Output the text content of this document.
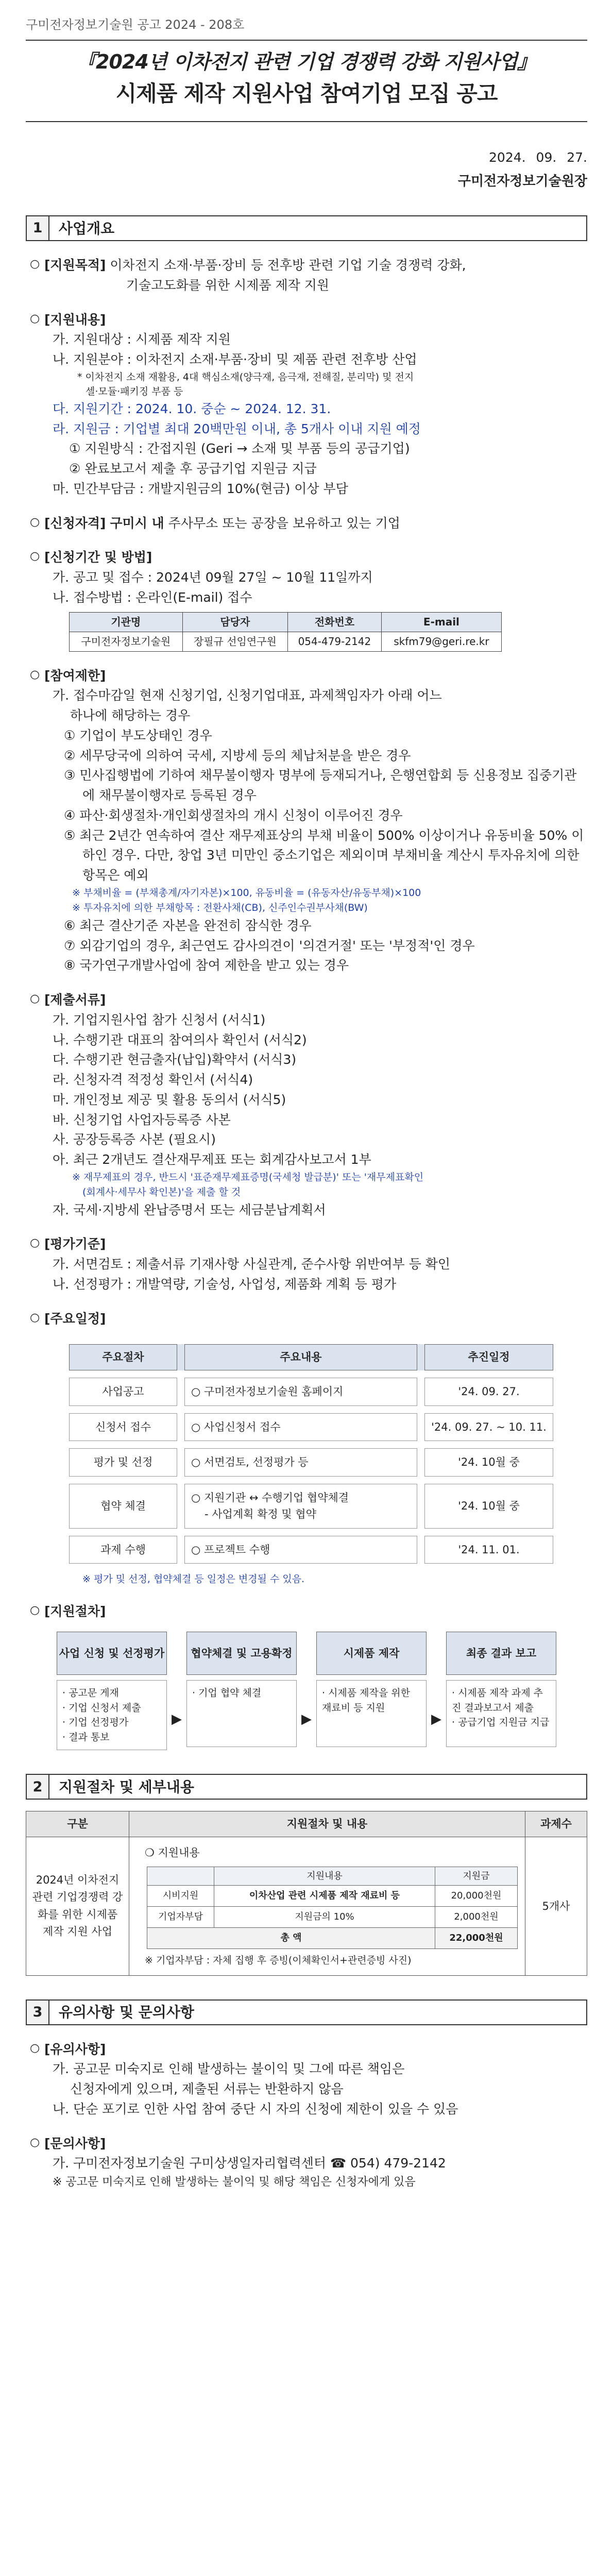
구미전자정보기술원 공고 2024 - 208호
『2024년 이차전지 관련 기업 경쟁력 강화 지원사업』
시제품 제작 지원사업 참여기업 모집 공고
2024. 09. 27.
구미전자정보기술원장
1	사업개요
○ [지원목적] 이차전지 소재·부품·장비 등 전후방 관련 기업 기술 경쟁력 강화,
기술고도화를 위한 시제품 제작 지원
○ [지원내용]
가. 지원대상 : 시제품 제작 지원
나. 지원분야 : 이차전지 소재·부품·장비 및 제품 관련 전후방 산업
* 이차전지 소재 재활용, 4대 핵심소재(양극재, 음극재, 전해질, 분리막) 및 전지
셀·모듈·패키징 부품 등
다. 지원기간 : 2024. 10. 중순 ~ 2024. 12. 31.
라. 지원금 : 기업별 최대 20백만원 이내, 총 5개사 이내 지원 예정
① 지원방식 : 간접지원 (Geri → 소재 및 부품 등의 공급기업)
② 완료보고서 제출 후 공급기업 지원금 지급
마. 민간부담금 : 개발지원금의 10%(현금) 이상 부담
○ [신청자격] 구미시 내 주사무소 또는 공장을 보유하고 있는 기업
○ [신청기간 및 방법]
가. 공고 및 접수 : 2024년 09월 27일 ~ 10월 11일까지
나. 접수방법 : 온라인(E-mail) 접수
기관명	담당자	전화번호	E-mail
구미전자정보기술원	장필규 선임연구원	054-479-2142	skfm79@geri.re.kr
○ [참여제한]
가. 접수마감일 현재 신청기업, 신청기업대표, 과제책임자가 아래 어느
하나에 해당하는 경우
① 기업이 부도상태인 경우
② 세무당국에 의하여 국세, 지방세 등의 체납처분을 받은 경우
③ 민사집행법에 기하여 채무불이행자 명부에 등재되거나, 은행연합회 등 신용정보 집중기관에 채무불이행자로 등록된 경우
④ 파산·회생절차·개인회생절차의 개시 신청이 이루어진 경우
⑤ 최근 2년간 연속하여 결산 재무제표상의 부채 비율이 500% 이상이거나 유동비율 50% 이하인 경우. 다만, 창업 3년 미만인 중소기업은 제외이며 부채비율 계산시 투자유치에 의한 항목은 예외
※ 부채비율 = (부채총계/자기자본)×100, 유동비율 = (유동자산/유동부채)×100
※ 투자유치에 의한 부채항목 : 전환사채(CB), 신주인수권부사채(BW)
⑥ 최근 결산기준 자본을 완전히 잠식한 경우
⑦ 외감기업의 경우, 최근연도 감사의견이 '의견거절' 또는 '부정적'인 경우
⑧ 국가연구개발사업에 참여 제한을 받고 있는 경우
○ [제출서류]
가. 기업지원사업 참가 신청서 (서식1)
나. 수행기관 대표의 참여의사 확인서 (서식2)
다. 수행기관 현금출자(납입)확약서 (서식3)
라. 신청자격 적정성 확인서 (서식4)
마. 개인정보 제공 및 활용 동의서 (서식5)
바. 신청기업 사업자등록증 사본
사. 공장등록증 사본 (필요시)
아. 최근 2개년도 결산재무제표 또는 회계감사보고서 1부
※ 재무제표의 경우, 반드시 '표준재무제표증명(국세청 발급분)' 또는 '재무제표확인
(회계사·세무사 확인본)'을 제출 할 것
자. 국세·지방세 완납증명서 또는 세금분납계획서
○ [평가기준]
가. 서면검토 : 제출서류 기재사항 사실관계, 준수사항 위반여부 등 확인
나. 선정평가 : 개발역량, 기술성, 사업성, 제품화 계획 등 평가
○ [주요일정]
주요절차		주요내용		추진일정
사업공고		○ 구미전자정보기술원 홈페이지		'24. 09. 27.
신청서 접수		○ 사업신청서 접수		'24. 09. 27. ~ 10. 11.
평가 및 선정		○ 서면검토, 선정평가 등		'24. 10월 중
협약 체결		○ 지원기관 ↔ 수행기업 협약체결
- 사업계획 확정 및 협약		'24. 10월 중
과제 수행		○ 프로젝트 수행		'24. 11. 01.
※ 평가 및 선정, 협약체결 등 일정은 변경될 수 있음.
○ [지원절차]
사업 신청 및 선정평가
· 공고문 게재
· 기업 신청서 제출
· 기업 선정평가
· 결과 통보
▶
협약체결 및 고용확정
· 기업 협약 체결
▶
시제품 제작
· 시제품 제작을 위한 재료비 등 지원
▶
최종 결과 보고
· 시제품 제작 과제 추진 결과보고서 제출
· 공급기업 지원금 지급
2	지원절차 및 세부내용
구분	지원절차 및 내용	과제수
2024년 이차전지 관련 기업경쟁력 강화를 위한 시제품 제작 지원 사업	
❍ 지원내용
	지원내용	지원금
시비지원	이차산업 관련 시제품 제작 재료비 등	20,000천원
기업자부담	지원금의 10%	2,000천원
총 액	22,000천원
※ 기업자부담 : 자체 집행 후 증빙(이체확인서+관련증빙 사진)
	5개사
3	유의사항 및 문의사항
○ [유의사항]
가. 공고문 미숙지로 인해 발생하는 불이익 및 그에 따른 책임은
신청자에게 있으며, 제출된 서류는 반환하지 않음
나. 단순 포기로 인한 사업 참여 중단 시 자의 신청에 제한이 있을 수 있음
○ [문의사항]
가. 구미전자정보기술원 구미상생일자리협력센터 ☎ 054) 479-2142
※ 공고문 미숙지로 인해 발생하는 불이익 및 해당 책임은 신청자에게 있음
